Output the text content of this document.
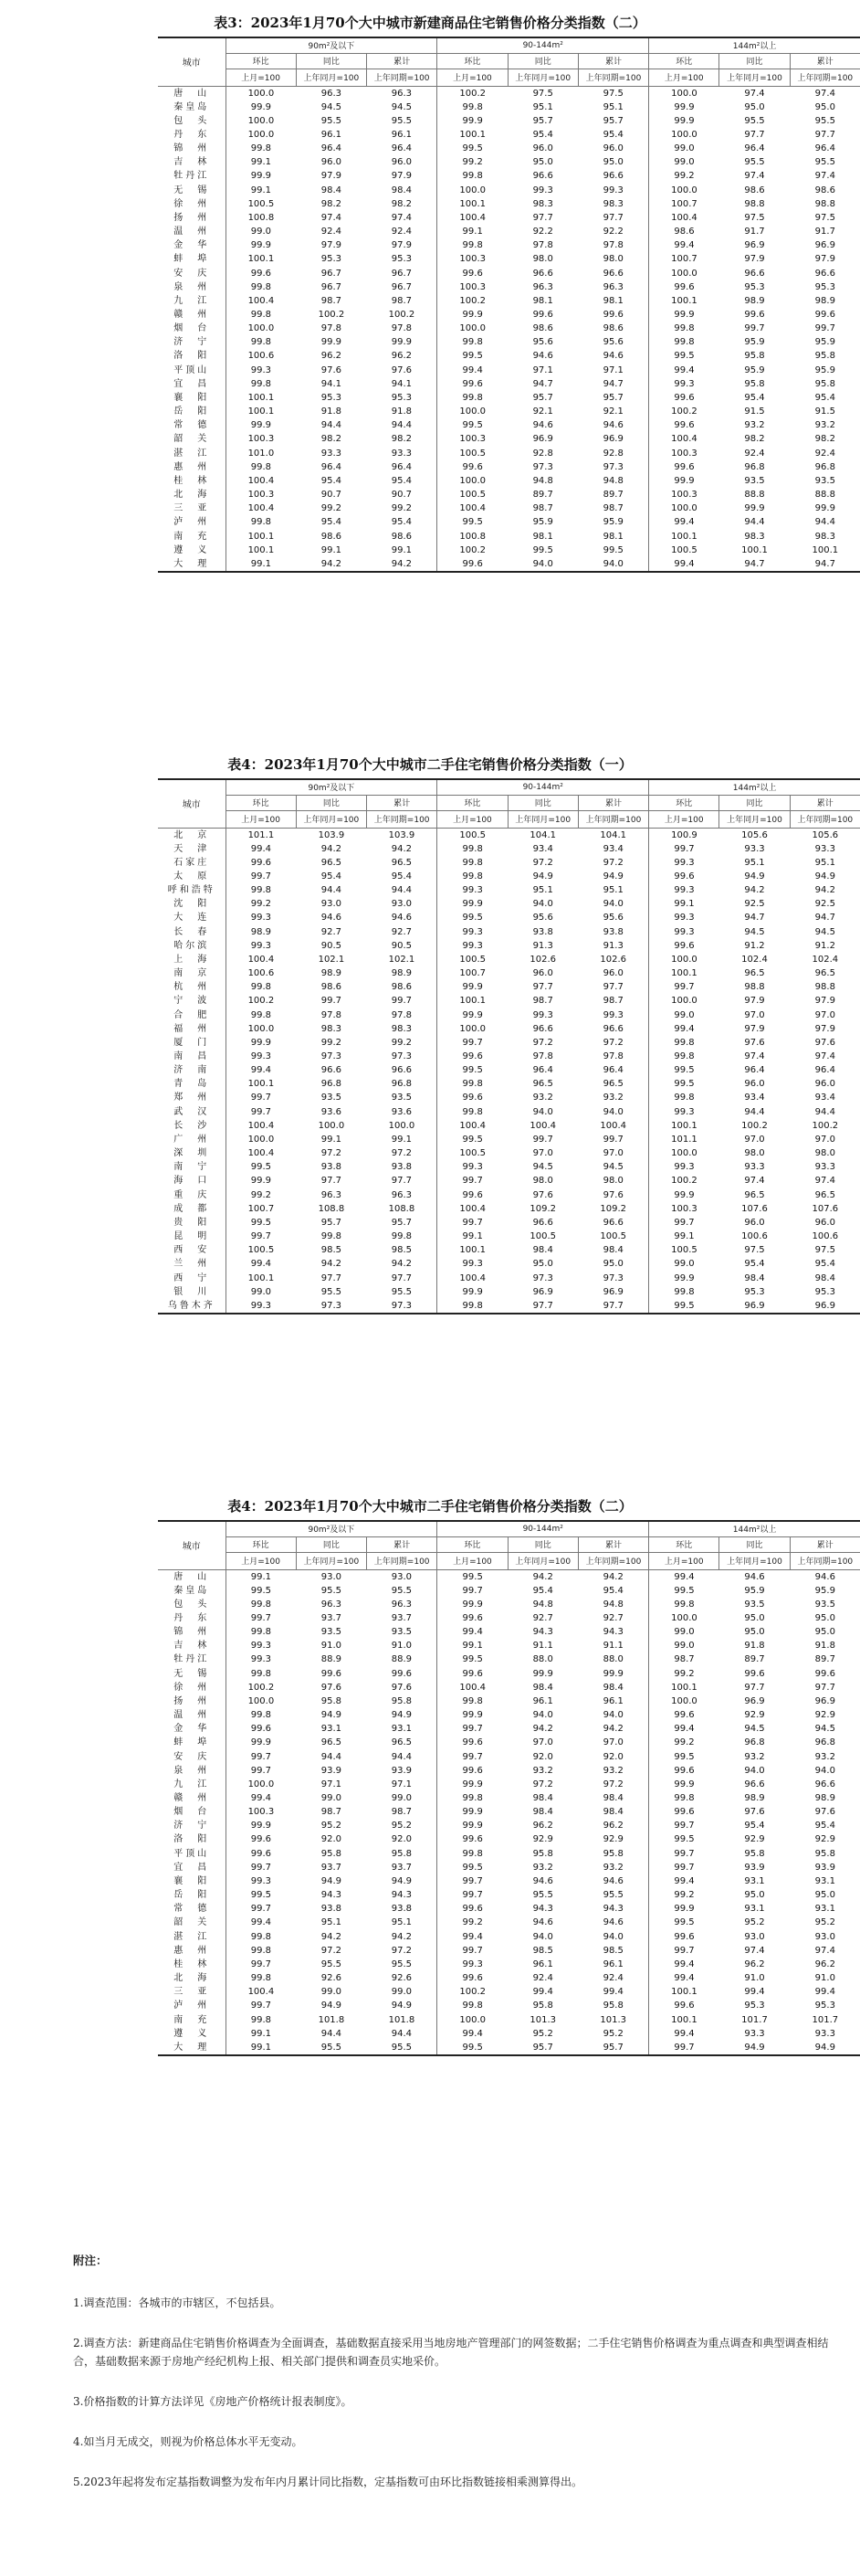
表3：2023年1月70个大中城市新建商品住宅销售价格分类指数（二）
城市	90m²及以下			90-144m²			144m²以上		
	环比	同比	累计	环比	同比	累计	环比	同比	累计
	上月=100	上年同月=100	上年同期=100	上月=100	上年同月=100	上年同期=100	上月=100	上年同月=100	上年同期=100
唐　山	100.0	96.3	96.3	100.2	97.5	97.5	100.0	97.4	97.4
秦皇岛	99.9	94.5	94.5	99.8	95.1	95.1	99.9	95.0	95.0
包　头	100.0	95.5	95.5	99.9	95.7	95.7	99.9	95.5	95.5
丹　东	100.0	96.1	96.1	100.1	95.4	95.4	100.0	97.7	97.7
锦　州	99.8	96.4	96.4	99.5	96.0	96.0	99.0	96.4	96.4
吉　林	99.1	96.0	96.0	99.2	95.0	95.0	99.0	95.5	95.5
牡丹江	99.9	97.9	97.9	99.8	96.6	96.6	99.2	97.4	97.4
无　锡	99.1	98.4	98.4	100.0	99.3	99.3	100.0	98.6	98.6
徐　州	100.5	98.2	98.2	100.1	98.3	98.3	100.7	98.8	98.8
扬　州	100.8	97.4	97.4	100.4	97.7	97.7	100.4	97.5	97.5
温　州	99.0	92.4	92.4	99.1	92.2	92.2	98.6	91.7	91.7
金　华	99.9	97.9	97.9	99.8	97.8	97.8	99.4	96.9	96.9
蚌　埠	100.1	95.3	95.3	100.3	98.0	98.0	100.7	97.9	97.9
安　庆	99.6	96.7	96.7	99.6	96.6	96.6	100.0	96.6	96.6
泉　州	99.8	96.7	96.7	100.3	96.3	96.3	99.6	95.3	95.3
九　江	100.4	98.7	98.7	100.2	98.1	98.1	100.1	98.9	98.9
赣　州	99.8	100.2	100.2	99.9	99.6	99.6	99.9	99.6	99.6
烟　台	100.0	97.8	97.8	100.0	98.6	98.6	99.8	99.7	99.7
济　宁	99.8	99.9	99.9	99.8	95.6	95.6	99.8	95.9	95.9
洛　阳	100.6	96.2	96.2	99.5	94.6	94.6	99.5	95.8	95.8
平顶山	99.3	97.6	97.6	99.4	97.1	97.1	99.4	95.9	95.9
宜　昌	99.8	94.1	94.1	99.6	94.7	94.7	99.3	95.8	95.8
襄　阳	100.1	95.3	95.3	99.8	95.7	95.7	99.6	95.4	95.4
岳　阳	100.1	91.8	91.8	100.0	92.1	92.1	100.2	91.5	91.5
常　德	99.9	94.4	94.4	99.5	94.6	94.6	99.6	93.2	93.2
韶　关	100.3	98.2	98.2	100.3	96.9	96.9	100.4	98.2	98.2
湛　江	101.0	93.3	93.3	100.5	92.8	92.8	100.3	92.4	92.4
惠　州	99.8	96.4	96.4	99.6	97.3	97.3	99.6	96.8	96.8
桂　林	100.4	95.4	95.4	100.0	94.8	94.8	99.9	93.5	93.5
北　海	100.3	90.7	90.7	100.5	89.7	89.7	100.3	88.8	88.8
三　亚	100.4	99.2	99.2	100.4	98.7	98.7	100.0	99.9	99.9
泸　州	99.8	95.4	95.4	99.5	95.9	95.9	99.4	94.4	94.4
南　充	100.1	98.6	98.6	100.8	98.1	98.1	100.1	98.3	98.3
遵　义	100.1	99.1	99.1	100.2	99.5	99.5	100.5	100.1	100.1
大　理	99.1	94.2	94.2	99.6	94.0	94.0	99.4	94.7	94.7
表4：2023年1月70个大中城市二手住宅销售价格分类指数（一）
城市	90m²及以下			90-144m²			144m²以上		
	环比	同比	累计	环比	同比	累计	环比	同比	累计
	上月=100	上年同月=100	上年同期=100	上月=100	上年同月=100	上年同期=100	上月=100	上年同月=100	上年同期=100
北　京	101.1	103.9	103.9	100.5	104.1	104.1	100.9	105.6	105.6
天　津	99.4	94.2	94.2	99.8	93.4	93.4	99.7	93.3	93.3
石家庄	99.6	96.5	96.5	99.8	97.2	97.2	99.3	95.1	95.1
太　原	99.7	95.4	95.4	99.8	94.9	94.9	99.6	94.9	94.9
呼和浩特	99.8	94.4	94.4	99.3	95.1	95.1	99.3	94.2	94.2
沈　阳	99.2	93.0	93.0	99.9	94.0	94.0	99.1	92.5	92.5
大　连	99.3	94.6	94.6	99.5	95.6	95.6	99.3	94.7	94.7
长　春	98.9	92.7	92.7	99.3	93.8	93.8	99.3	94.5	94.5
哈尔滨	99.3	90.5	90.5	99.3	91.3	91.3	99.6	91.2	91.2
上　海	100.4	102.1	102.1	100.5	102.6	102.6	100.0	102.4	102.4
南　京	100.6	98.9	98.9	100.7	96.0	96.0	100.1	96.5	96.5
杭　州	99.8	98.6	98.6	99.9	97.7	97.7	99.7	98.8	98.8
宁　波	100.2	99.7	99.7	100.1	98.7	98.7	100.0	97.9	97.9
合　肥	99.8	97.8	97.8	99.9	99.3	99.3	99.0	97.0	97.0
福　州	100.0	98.3	98.3	100.0	96.6	96.6	99.4	97.9	97.9
厦　门	99.9	99.2	99.2	99.7	97.2	97.2	99.8	97.6	97.6
南　昌	99.3	97.3	97.3	99.6	97.8	97.8	99.8	97.4	97.4
济　南	99.4	96.6	96.6	99.5	96.4	96.4	99.5	96.4	96.4
青　岛	100.1	96.8	96.8	99.8	96.5	96.5	99.5	96.0	96.0
郑　州	99.7	93.5	93.5	99.6	93.2	93.2	99.8	93.4	93.4
武　汉	99.7	93.6	93.6	99.8	94.0	94.0	99.3	94.4	94.4
长　沙	100.4	100.0	100.0	100.4	100.4	100.4	100.1	100.2	100.2
广　州	100.0	99.1	99.1	99.5	99.7	99.7	101.1	97.0	97.0
深　圳	100.4	97.2	97.2	100.5	97.0	97.0	100.0	98.0	98.0
南　宁	99.5	93.8	93.8	99.3	94.5	94.5	99.3	93.3	93.3
海　口	99.9	97.7	97.7	99.7	98.0	98.0	100.2	97.4	97.4
重　庆	99.2	96.3	96.3	99.6	97.6	97.6	99.9	96.5	96.5
成　都	100.7	108.8	108.8	100.4	109.2	109.2	100.3	107.6	107.6
贵　阳	99.5	95.7	95.7	99.7	96.6	96.6	99.7	96.0	96.0
昆　明	99.7	99.8	99.8	99.1	100.5	100.5	99.1	100.6	100.6
西　安	100.5	98.5	98.5	100.1	98.4	98.4	100.5	97.5	97.5
兰　州	99.4	94.2	94.2	99.3	95.0	95.0	99.0	95.4	95.4
西　宁	100.1	97.7	97.7	100.4	97.3	97.3	99.9	98.4	98.4
银　川	99.0	95.5	95.5	99.9	96.9	96.9	99.8	95.3	95.3
乌鲁木齐	99.3	97.3	97.3	99.8	97.7	97.7	99.5	96.9	96.9
表4：2023年1月70个大中城市二手住宅销售价格分类指数（二）
城市	90m²及以下			90-144m²			144m²以上		
	环比	同比	累计	环比	同比	累计	环比	同比	累计
	上月=100	上年同月=100	上年同期=100	上月=100	上年同月=100	上年同期=100	上月=100	上年同月=100	上年同期=100
唐　山	99.1	93.0	93.0	99.5	94.2	94.2	99.4	94.6	94.6
秦皇岛	99.5	95.5	95.5	99.7	95.4	95.4	99.5	95.9	95.9
包　头	99.8	96.3	96.3	99.9	94.8	94.8	99.8	93.5	93.5
丹　东	99.7	93.7	93.7	99.6	92.7	92.7	100.0	95.0	95.0
锦　州	99.8	93.5	93.5	99.4	94.3	94.3	99.0	95.0	95.0
吉　林	99.3	91.0	91.0	99.1	91.1	91.1	99.0	91.8	91.8
牡丹江	99.3	88.9	88.9	99.5	88.0	88.0	98.7	89.7	89.7
无　锡	99.8	99.6	99.6	99.6	99.9	99.9	99.2	99.6	99.6
徐　州	100.2	97.6	97.6	100.4	98.4	98.4	100.1	97.7	97.7
扬　州	100.0	95.8	95.8	99.8	96.1	96.1	100.0	96.9	96.9
温　州	99.8	94.9	94.9	99.9	94.0	94.0	99.6	92.9	92.9
金　华	99.6	93.1	93.1	99.7	94.2	94.2	99.4	94.5	94.5
蚌　埠	99.9	96.5	96.5	99.6	97.0	97.0	99.2	96.8	96.8
安　庆	99.7	94.4	94.4	99.7	92.0	92.0	99.5	93.2	93.2
泉　州	99.7	93.9	93.9	99.6	93.2	93.2	99.6	94.0	94.0
九　江	100.0	97.1	97.1	99.9	97.2	97.2	99.9	96.6	96.6
赣　州	99.4	99.0	99.0	99.8	98.4	98.4	99.8	98.9	98.9
烟　台	100.3	98.7	98.7	99.9	98.4	98.4	99.6	97.6	97.6
济　宁	99.9	95.2	95.2	99.9	96.2	96.2	99.7	95.4	95.4
洛　阳	99.6	92.0	92.0	99.6	92.9	92.9	99.5	92.9	92.9
平顶山	99.6	95.8	95.8	99.8	95.8	95.8	99.7	95.8	95.8
宜　昌	99.7	93.7	93.7	99.5	93.2	93.2	99.7	93.9	93.9
襄　阳	99.3	94.9	94.9	99.7	94.6	94.6	99.4	93.1	93.1
岳　阳	99.5	94.3	94.3	99.7	95.5	95.5	99.2	95.0	95.0
常　德	99.7	93.8	93.8	99.6	94.3	94.3	99.9	93.1	93.1
韶　关	99.4	95.1	95.1	99.2	94.6	94.6	99.5	95.2	95.2
湛　江	99.8	94.2	94.2	99.4	94.0	94.0	99.6	93.0	93.0
惠　州	99.8	97.2	97.2	99.7	98.5	98.5	99.7	97.4	97.4
桂　林	99.7	95.5	95.5	99.3	96.1	96.1	99.4	96.2	96.2
北　海	99.8	92.6	92.6	99.6	92.4	92.4	99.4	91.0	91.0
三　亚	100.4	99.0	99.0	100.2	99.4	99.4	100.1	99.4	99.4
泸　州	99.7	94.9	94.9	99.8	95.8	95.8	99.6	95.3	95.3
南　充	99.8	101.8	101.8	100.0	101.3	101.3	100.1	101.7	101.7
遵　义	99.1	94.4	94.4	99.4	95.2	95.2	99.4	93.3	93.3
大　理	99.1	95.5	95.5	99.5	95.7	95.7	99.7	94.9	94.9
附注：

1.调查范围：各城市的市辖区，不包括县。

2.调查方法：新建商品住宅销售价格调查为全面调查，基础数据直接采用当地房地产管理部门的网签数据；二手住宅销售价格调查为重点调查和典型调查相结合，基础数据来源于房地产经纪机构上报、相关部门提供和调查员实地采价。

3.价格指数的计算方法详见《房地产价格统计报表制度》。

4.如当月无成交，则视为价格总体水平无变动。

5.2023年起将发布定基指数调整为发布年内月累计同比指数，定基指数可由环比指数链接相乘测算得出。
